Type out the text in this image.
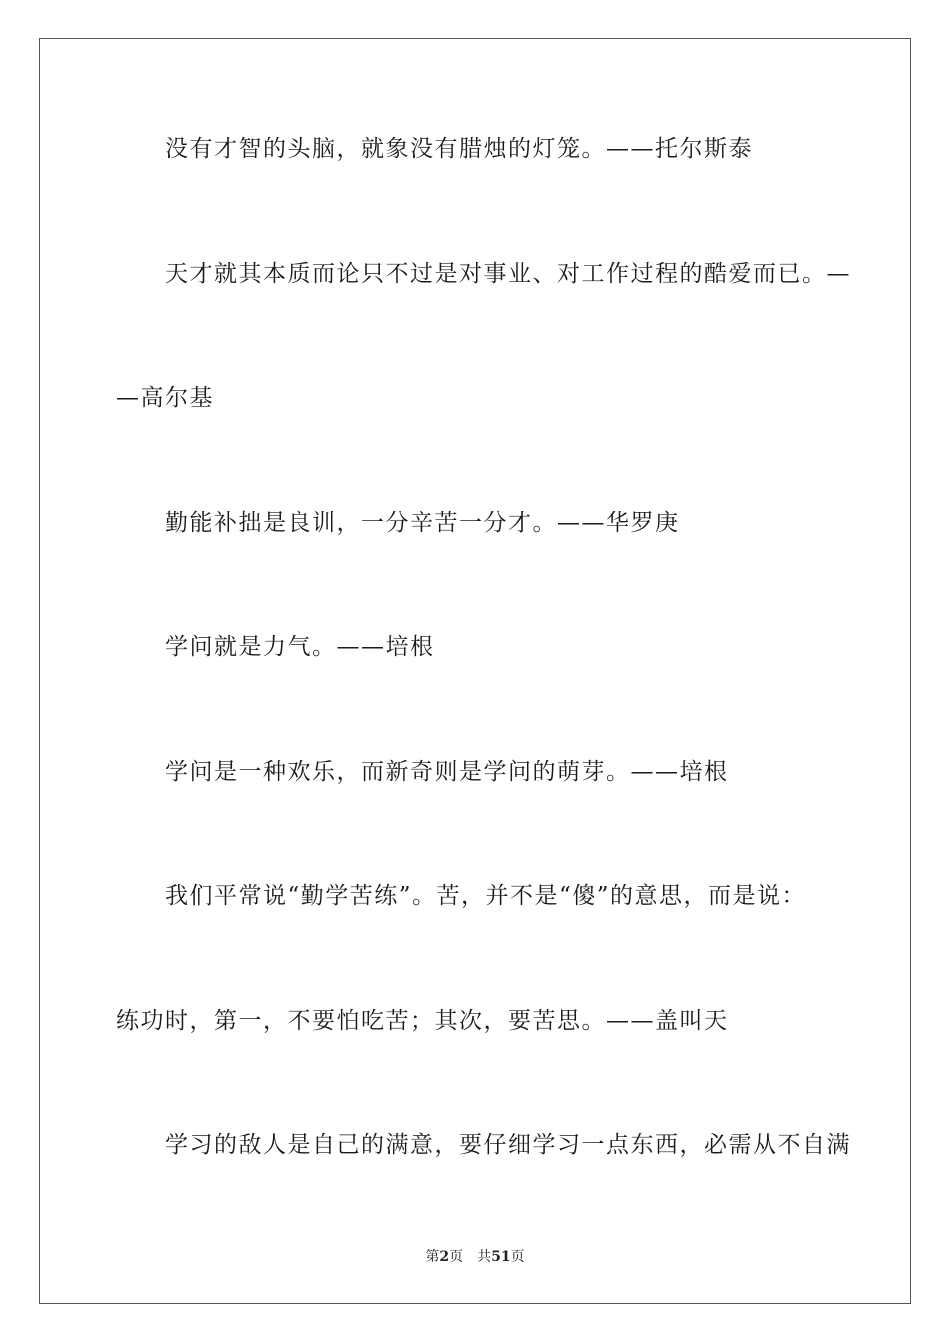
没有才智的头脑，就象没有腊烛的灯笼。——托尔斯泰
天才就其本质而论只不过是对事业、对工作过程的酷爱而已。—
—高尔基
勤能补拙是良训，一分辛苦一分才。——华罗庚
学问就是力气。——培根
学问是一种欢乐，而新奇则是学问的萌芽。——培根
我们平常说“勤学苦练”。苦，并不是“傻”的意思，而是说：
练功时，第一，不要怕吃苦；其次，要苦思。——盖叫天
学习的敌人是自己的满意，要仔细学习一点东西，必需从不自满
第2页 共51页
